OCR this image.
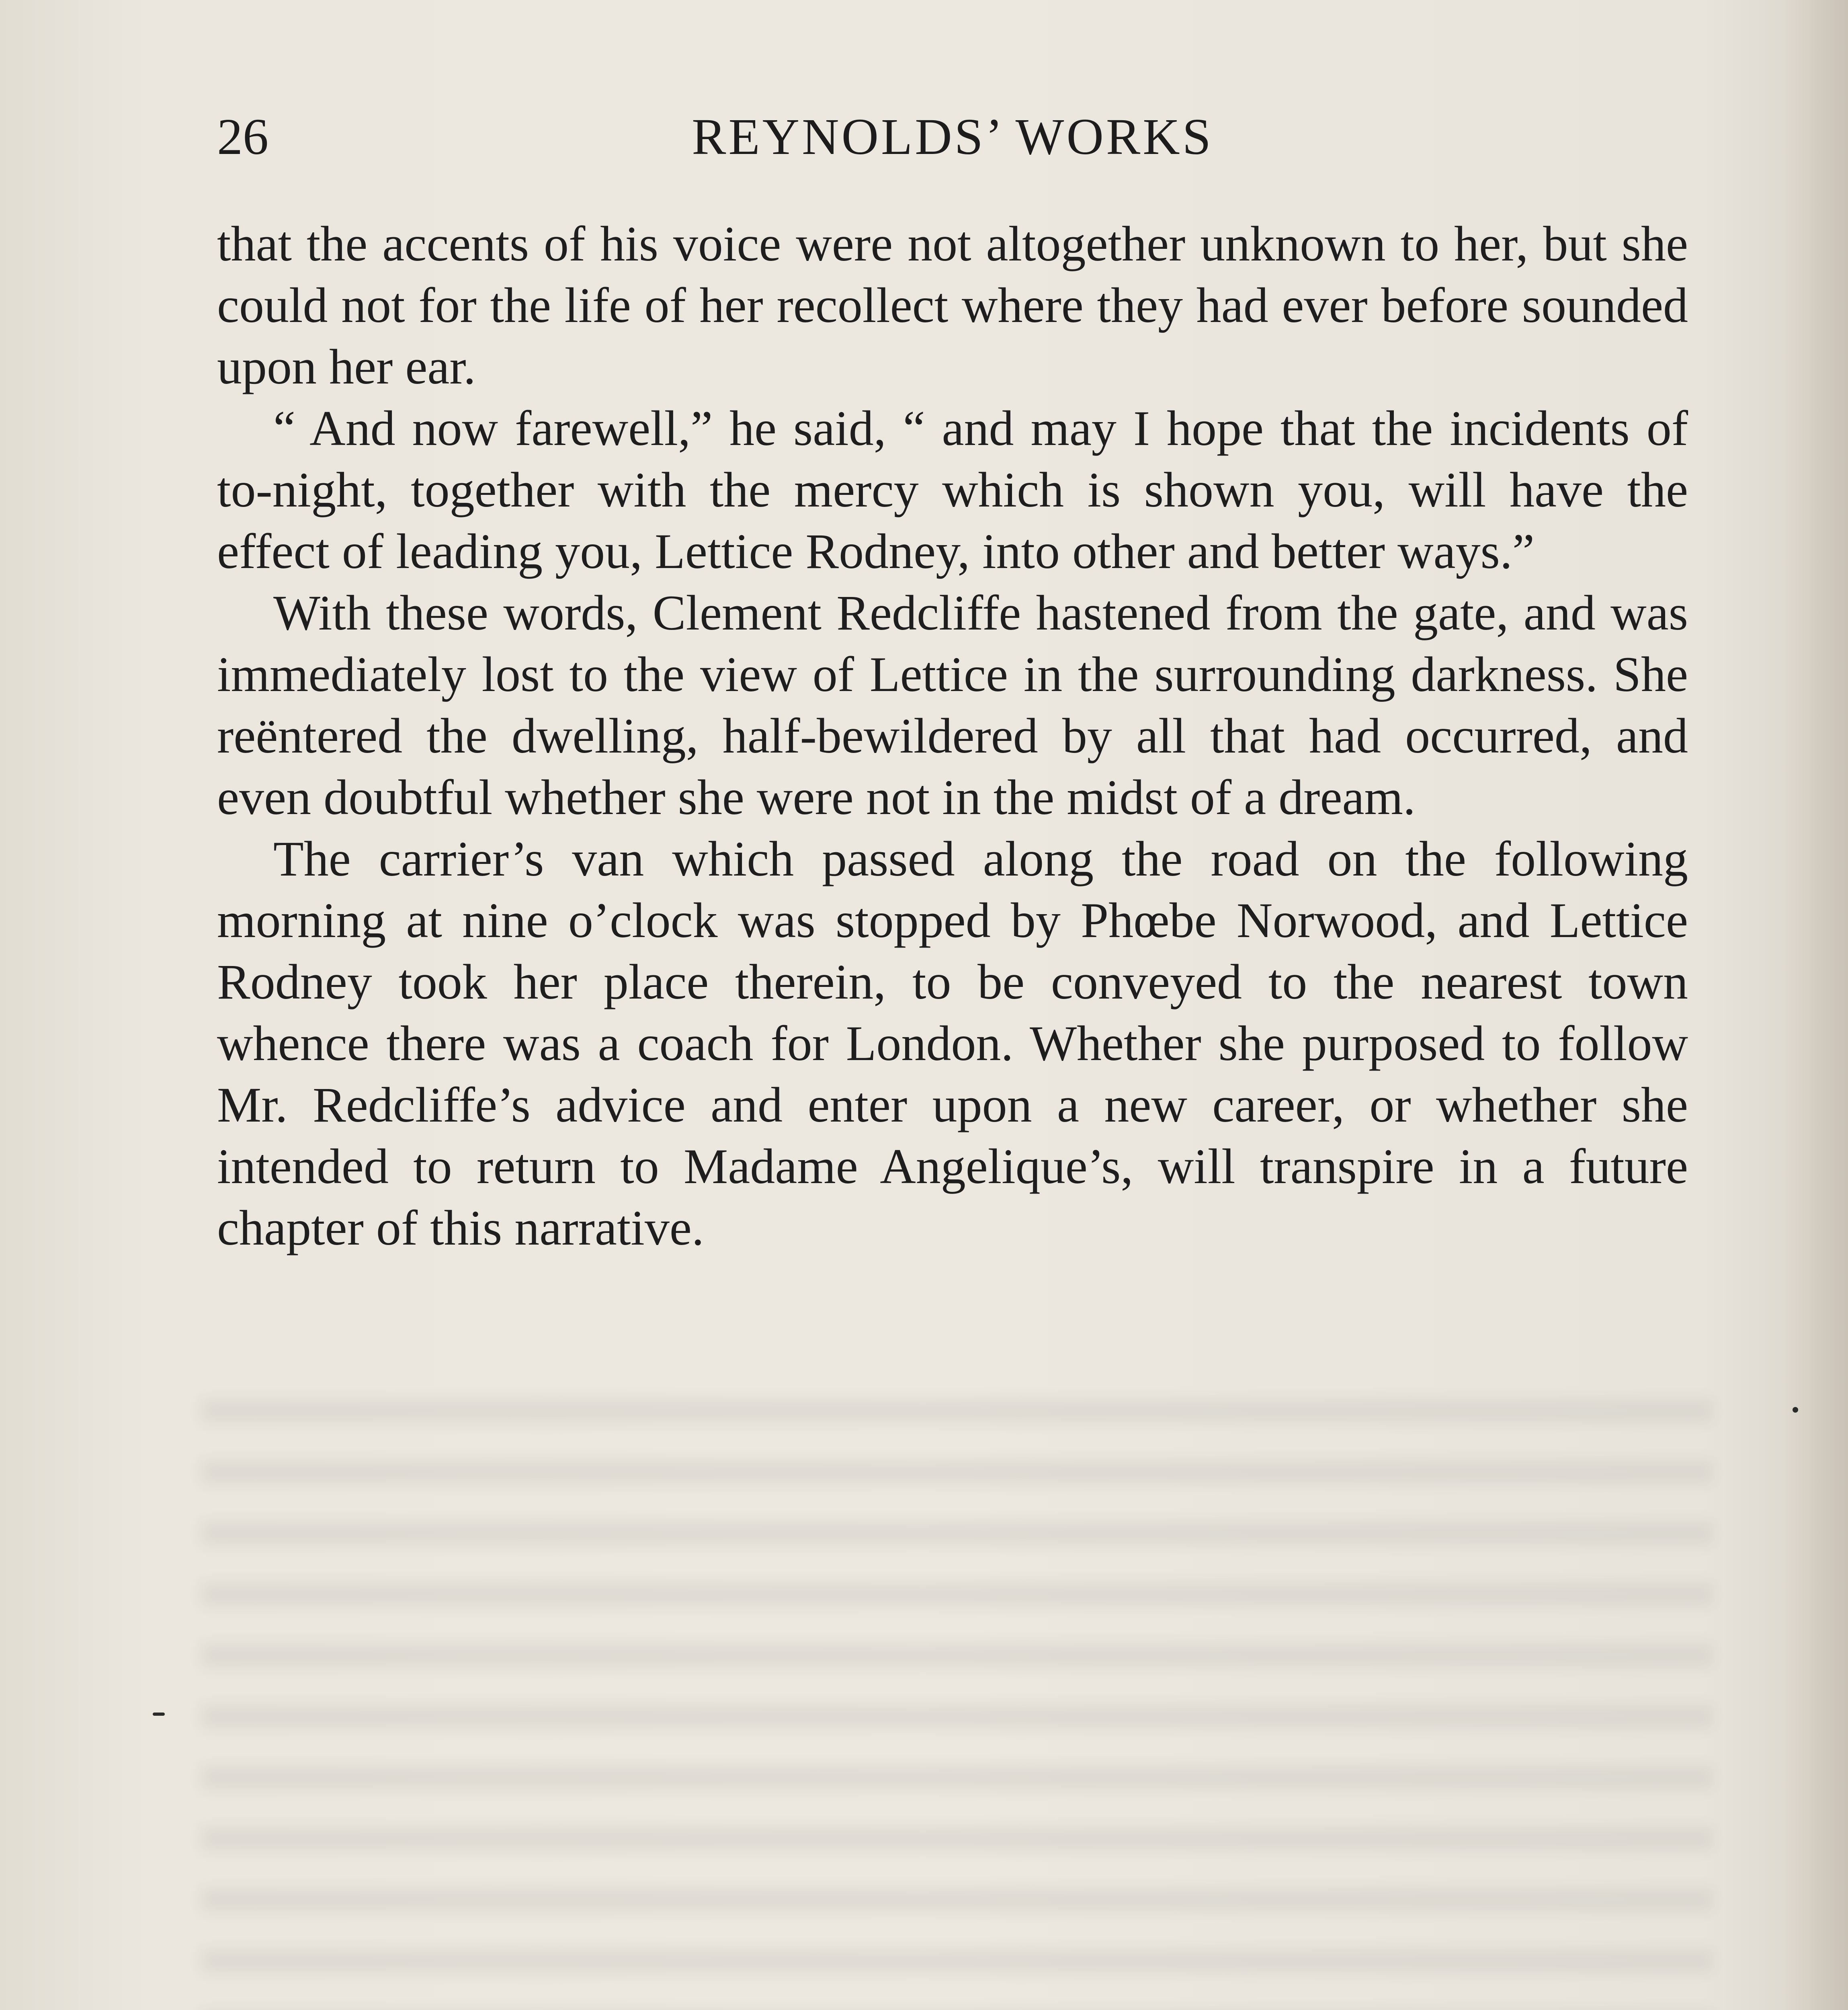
26	REYNOLDS’ WORKS

that the accents of his voice were not altogether unknown to her, but she could not for the life of her recollect where they had ever before sounded upon her ear.

“ And now farewell,” he said, “ and may I hope that the incidents of to-night, together with the mercy which is shown you, will have the effect of leading you, Lettice Rodney, into other and better ways.”

With these words, Clement Redcliffe hastened from the gate, and was immediately lost to the view of Lettice in the surrounding darkness. She reëntered the dwelling, half-bewildered by all that had occurred, and even doubtful whether she were not in the midst of a dream.

The carrier’s van which passed along the road on the following morning at nine o’clock was stopped by Phœbe Norwood, and Lettice Rodney took her place therein, to be conveyed to the nearest town whence there was a coach for London. Whether she purposed to follow Mr. Redcliffe’s advice and enter upon a new career, or whether she intended to return to Madame Angelique’s, will transpire in a future chapter of this narrative.
